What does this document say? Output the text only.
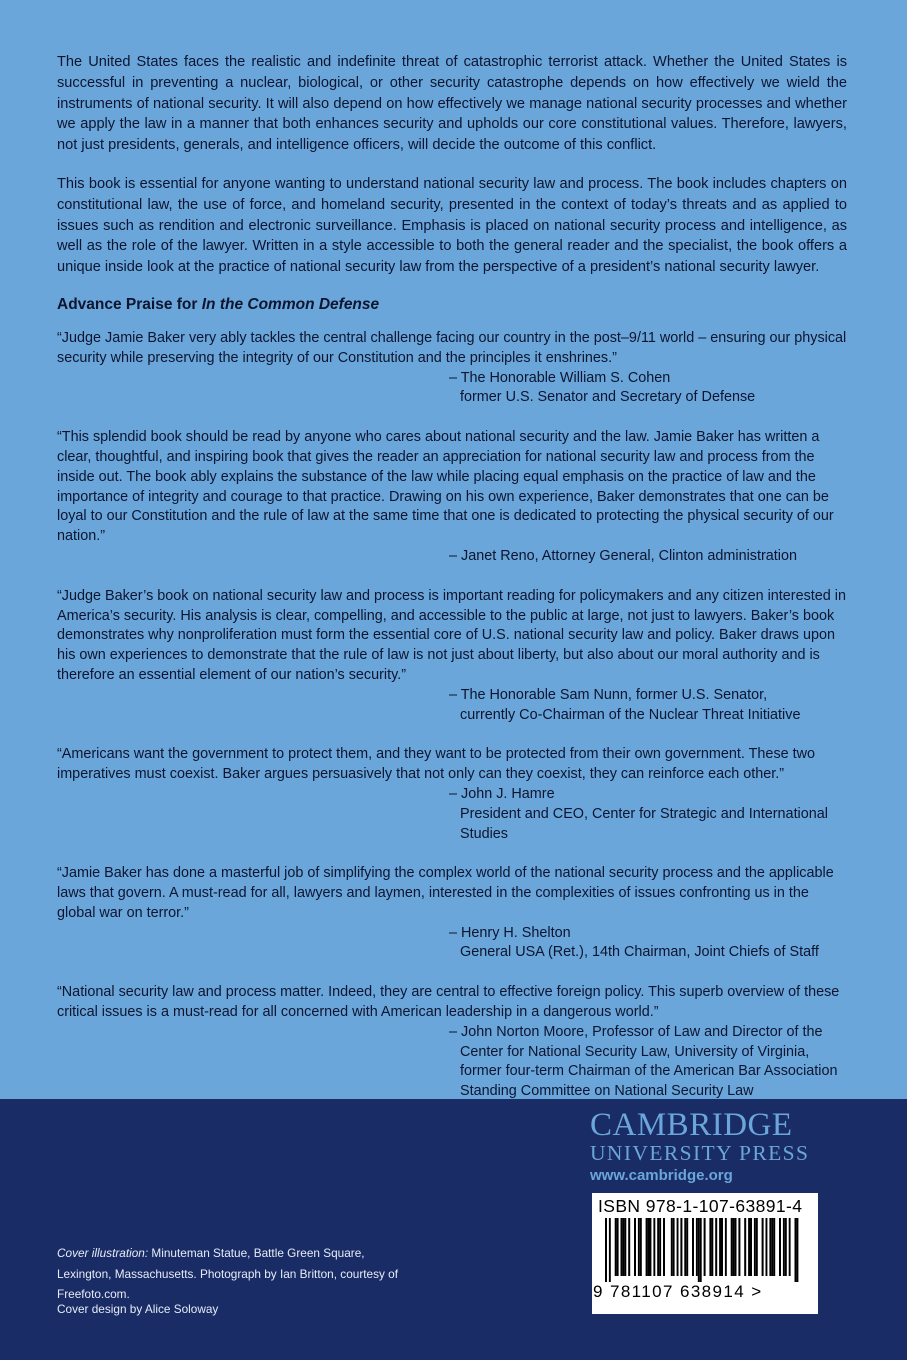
The United States faces the realistic and indefinite threat of catastrophic terrorist attack. Whether the United States is successful in preventing a nuclear, biological, or other security catastrophe depends on how effectively we wield the instruments of national security. It will also depend on how effectively we manage national security processes and whether we apply the law in a manner that both enhances security and upholds our core constitutional values. Therefore, lawyers, not just presidents, generals, and intelligence officers, will decide the outcome of this conflict.

This book is essential for anyone wanting to understand national security law and process. The book includes chapters on constitutional law, the use of force, and homeland security, presented in the context of today’s threats and as applied to issues such as rendition and electronic surveillance. Emphasis is placed on national security process and intelligence, as well as the role of the lawyer. Written in a style accessible to both the general reader and the specialist, the book offers a unique inside look at the practice of national security law from the perspective of a president’s national security lawyer.

Advance Praise for In the Common Defense

“Judge Jamie Baker very ably tackles the central challenge facing our country in the post–9/11 world – ensuring our physical security while preserving the integrity of our Constitution and the principles it enshrines.”

– The Honorable William S. Cohen
former U.S. Senator and Secretary of Defense

“This splendid book should be read by anyone who cares about national security and the law. Jamie Baker has written a clear, thoughtful, and inspiring book that gives the reader an appreciation for national security law and process from the inside out. The book ably explains the substance of the law while placing equal emphasis on the practice of law and the importance of integrity and courage to that practice. Drawing on his own experience, Baker demonstrates that one can be loyal to our Constitution and the rule of law at the same time that one is dedicated to protecting the physical security of our nation.”

– Janet Reno, Attorney General, Clinton administration

“Judge Baker’s book on national security law and process is important reading for policymakers and any citizen interested in America’s security. His analysis is clear, compelling, and accessible to the public at large, not just to lawyers. Baker’s book demonstrates why nonproliferation must form the essential core of U.S. national security law and policy. Baker draws upon his own experiences to demonstrate that the rule of law is not just about liberty, but also about our moral authority and is therefore an essential element of our nation’s security.”

– The Honorable Sam Nunn, former U.S. Senator,
currently Co-Chairman of the Nuclear Threat Initiative

“Americans want the government to protect them, and they want to be protected from their own government. These two imperatives must coexist. Baker argues persuasively that not only can they coexist, they can reinforce each other.”

– John J. Hamre
President and CEO, Center for Strategic and International Studies

“Jamie Baker has done a masterful job of simplifying the complex world of the national security process and the applicable laws that govern. A must-read for all, lawyers and laymen, interested in the complexities of issues confronting us in the global war on terror.”

– Henry H. Shelton
General USA (Ret.), 14th Chairman, Joint Chiefs of Staff

“National security law and process matter. Indeed, they are central to effective foreign policy. This superb overview of these critical issues is a must-read for all concerned with American leadership in a dangerous world.”

– John Norton Moore, Professor of Law and Director of the
Center for National Security Law, University of Virginia,
former four-term Chairman of the American Bar Association
Standing Committee on National Security Law
Cover illustration: Minuteman Statue, Battle Green Square, Lexington, Massachusetts. Photograph by Ian Britton, courtesy of Freefoto.com.
Cover design by Alice Soloway
CAMBRIDGE
UNIVERSITY PRESS
www.cambridge.org
ISBN 978-1-107-63891-4
9 781107 638914 >
